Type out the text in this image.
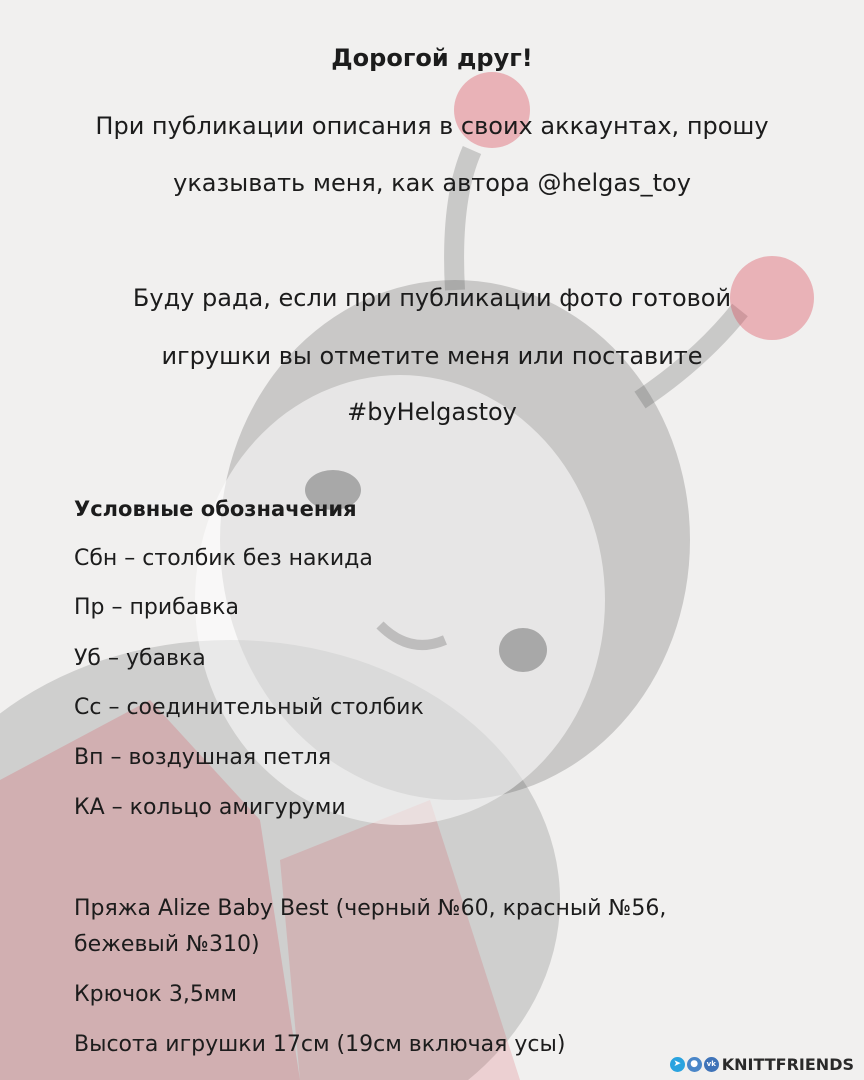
Дорогой друг!
При публикации описания в своих аккаунтах, прошу
указывать меня, как автора @helgas_toy
Буду рада, если при публикации фото готовой
игрушки вы отметите меня или поставите
#byHelgastoy
Условные обозначения
Сбн – столбик без накида
Пр – прибавка
Уб – убавка
Сс – соединительный столбик
Вп – воздушная петля
КА – кольцо амигуруми
Пряжа Alize Baby Best (черный №60, красный №56,
бежевый №310)
Крючок 3,5мм
Высота игрушки 17см (19см включая усы)
➤	●	vk KNITTFRIENDS
